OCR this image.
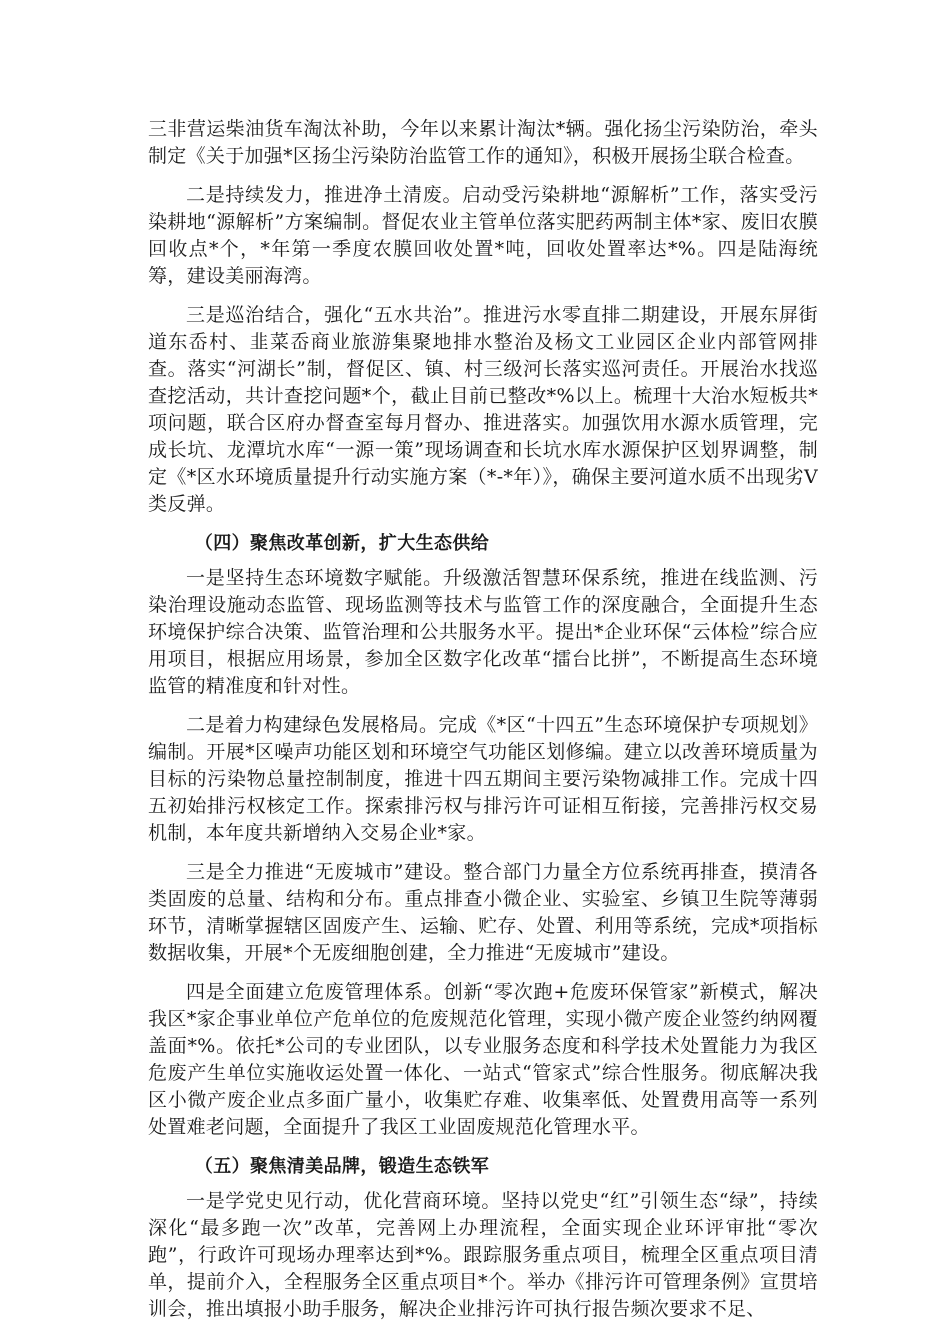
三非营运柴油货车淘汰补助，今年以来累计淘汰*辆。强化扬尘污染防治，牵头制定《关于加强*区扬尘污染防治监管工作的通知》，积极开展扬尘联合检查。

二是持续发力，推进净土清废。启动受污染耕地“源解析”工作，落实受污染耕地“源解析”方案编制。督促农业主管单位落实肥药两制主体*家、废旧农膜回收点*个，*年第一季度农膜回收处置*吨，回收处置率达*%。四是陆海统筹，建设美丽海湾。

三是巡治结合，强化“五水共治”。推进污水零直排二期建设，开展东屏街道东岙村、韭菜岙商业旅游集聚地排水整治及杨文工业园区企业内部管网排查。落实“河湖长”制，督促区、镇、村三级河长落实巡河责任。开展治水找巡查挖活动，共计查挖问题*个，截止目前已整改*%以上。梳理十大治水短板共*项问题，联合区府办督查室每月督办、推进落实。加强饮用水源水质管理，完成长坑、龙潭坑水库“一源一策”现场调查和长坑水库水源保护区划界调整，制定《*区水环境质量提升行动实施方案（*-*年）》，确保主要河道水质不出现劣Ⅴ类反弹。

（四）聚焦改革创新，扩大生态供给

一是坚持生态环境数字赋能。升级激活智慧环保系统，推进在线监测、污染治理设施动态监管、现场监测等技术与监管工作的深度融合，全面提升生态环境保护综合决策、监管治理和公共服务水平。提出*企业环保“云体检”综合应用项目，根据应用场景，参加全区数字化改革“擂台比拼”，不断提高生态环境监管的精准度和针对性。

二是着力构建绿色发展格局。完成《*区“十四五”生态环境保护专项规划》编制。开展*区噪声功能区划和环境空气功能区划修编。建立以改善环境质量为目标的污染物总量控制制度，推进十四五期间主要污染物减排工作。完成十四五初始排污权核定工作。探索排污权与排污许可证相互衔接，完善排污权交易机制，本年度共新增纳入交易企业*家。

三是全力推进“无废城市”建设。整合部门力量全方位系统再排查，摸清各类固废的总量、结构和分布。重点排查小微企业、实验室、乡镇卫生院等薄弱环节，清晰掌握辖区固废产生、运输、贮存、处置、利用等系统，完成*项指标数据收集，开展*个无废细胞创建，全力推进“无废城市”建设。

四是全面建立危废管理体系。创新“零次跑+危废环保管家”新模式，解决我区*家企事业单位产危单位的危废规范化管理，实现小微产废企业签约纳网覆盖面*%。依托*公司的专业团队，以专业服务态度和科学技术处置能力为我区危废产生单位实施收运处置一体化、一站式“管家式”综合性服务。彻底解决我区小微产废企业点多面广量小，收集贮存难、收集率低、处置费用高等一系列处置难老问题，全面提升了我区工业固废规范化管理水平。

（五）聚焦清美品牌，锻造生态铁军

一是学党史见行动，优化营商环境。坚持以党史“红”引领生态“绿”，持续深化“最多跑一次”改革，完善网上办理流程，全面实现企业环评审批“零次跑”，行政许可现场办理率达到*%。跟踪服务重点项目，梳理全区重点项目清单，提前介入，全程服务全区重点项目*个。举办《排污许可管理条例》宣贯培训会，推出填报小助手服务，解决企业排污许可执行报告频次要求不足、
